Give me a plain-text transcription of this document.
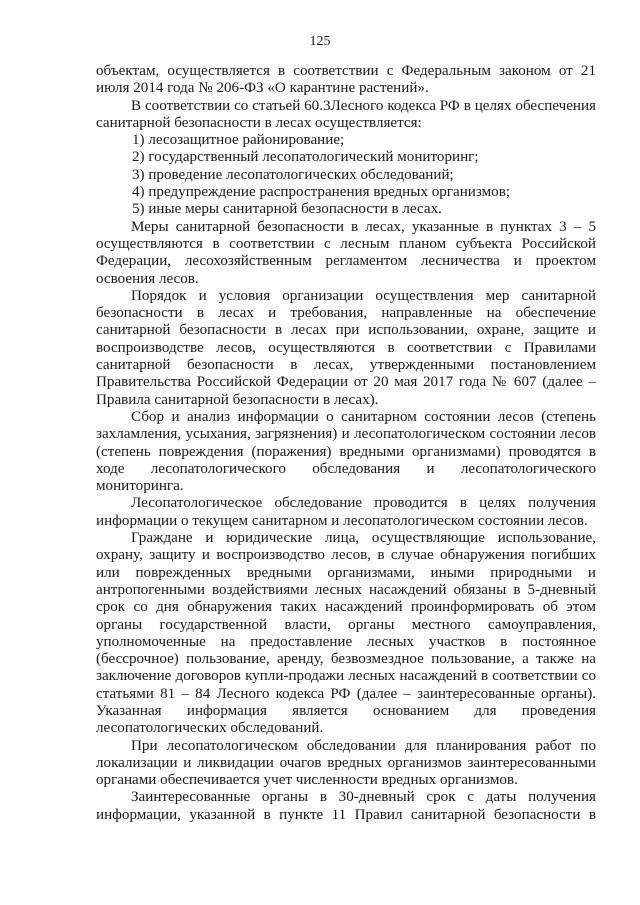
125

объектам, осуществляется в соответствии с Федеральным законом от 21 июля 2014 года № 206-ФЗ «О карантине растений».

В соответствии со статьей 60.3Лесного кодекса РФ в целях обеспечения санитарной безопасности в лесах осуществляется:

1) лесозащитное районирование;

2) государственный лесопатологический мониторинг;

3) проведение лесопатологических обследований;

4) предупреждение распространения вредных организмов;

5) иные меры санитарной безопасности в лесах.

Меры санитарной безопасности в лесах, указанные в пунктах 3 – 5 осуществляются в соответствии с лесным планом субъекта Российской Федерации, лесохозяйственным регламентом лесничества и проектом освоения лесов.

Порядок и условия организации осуществления мер санитарной безопасности в лесах и требования, направленные на обеспечение санитарной безопасности в лесах при использовании, охране, защите и воспроизводстве лесов, осуществляются в соответствии с Правилами санитарной безопасности в лесах, утвержденными постановлением Правительства Российской Федерации от 20 мая 2017 года № 607 (далее – Правила санитарной безопасности в лесах).

Сбор и анализ информации о санитарном состоянии лесов (степень захламления, усыхания, загрязнения) и лесопатологическом состоянии лесов (степень повреждения (поражения) вредными организмами) проводятся в ходе лесопатологического обследования и лесопатологического мониторинга.

Лесопатологическое обследование проводится в целях получения информации о текущем санитарном и лесопатологическом состоянии лесов.

Граждане и юридические лица, осуществляющие использование, охрану, защиту и воспроизводство лесов, в случае обнаружения погибших или поврежденных вредными организмами, иными природными и антропогенными воздействиями лесных насаждений обязаны в 5-дневный срок со дня обнаружения таких насаждений проинформировать об этом органы государственной власти, органы местного самоуправления, уполномоченные на предоставление лесных участков в постоянное (бессрочное) пользование, аренду, безвозмездное пользование, а также на заключение договоров купли-продажи лесных насаждений в соответствии со статьями 81 – 84 Лесного кодекса РФ (далее – заинтересованные органы). Указанная информация является основанием для проведения лесопатологических обследований.

При лесопатологическом обследовании для планирования работ по локализации и ликвидации очагов вредных организмов заинтересованными органами обеспечивается учет численности вредных организмов.

Заинтересованные органы в 30-дневный срок с даты получения информации, указанной в пункте 11 Правил санитарной безопасности в
